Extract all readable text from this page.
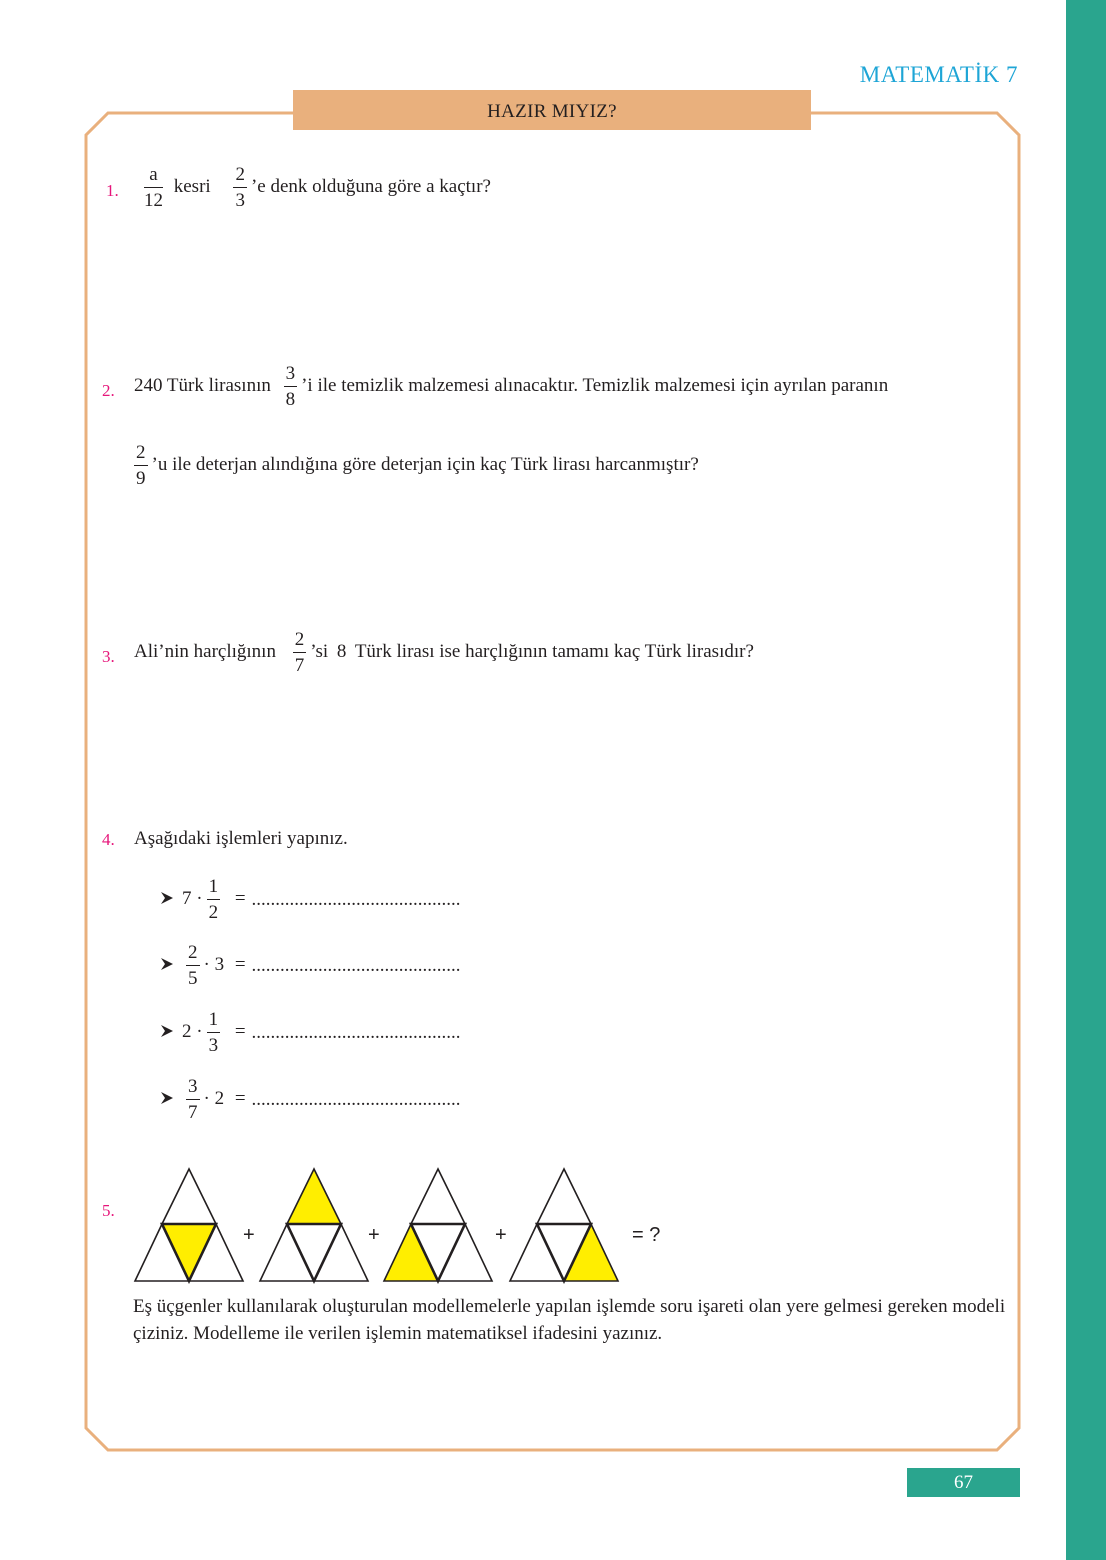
MATEMATİK 7
HAZIR MIYIZ?
1. $\frac{a}{12}$ kesri $\frac{2}{3}$ ’e denk olduğuna göre a kaçtır?
2. 240 Türk lirasının $\frac{3}{8}$ ’i ile temizlik malzemesi alınacaktır. Temizlik malzemesi için ayrılan paranın
$\frac{2}{9}$ ’u ile deterjan alındığına göre deterjan için kaç Türk lirası harcanmıştır?
3. Ali’nin harçlığının $\frac{2}{7}$ ’si 8 Türk lirası ise harçlığının tamamı kaç Türk lirasıdır?
4. Aşağıdaki işlemleri yapınız.
$7 \cdot \frac{1}{2}$ = ............................................
$\frac{2}{5} \cdot 3$ = ............................................
$2 \cdot \frac{1}{3}$ = ............................................
$\frac{3}{7} \cdot 2$ = ............................................
5.
+	+	+	= ?
Eş üçgenler kullanılarak oluşturulan modellemelerle yapılan işlemde soru işareti olan yere gelmesi gereken modeli çiziniz. Modelleme ile verilen işlemin matematiksel ifadesini yazınız.
67
